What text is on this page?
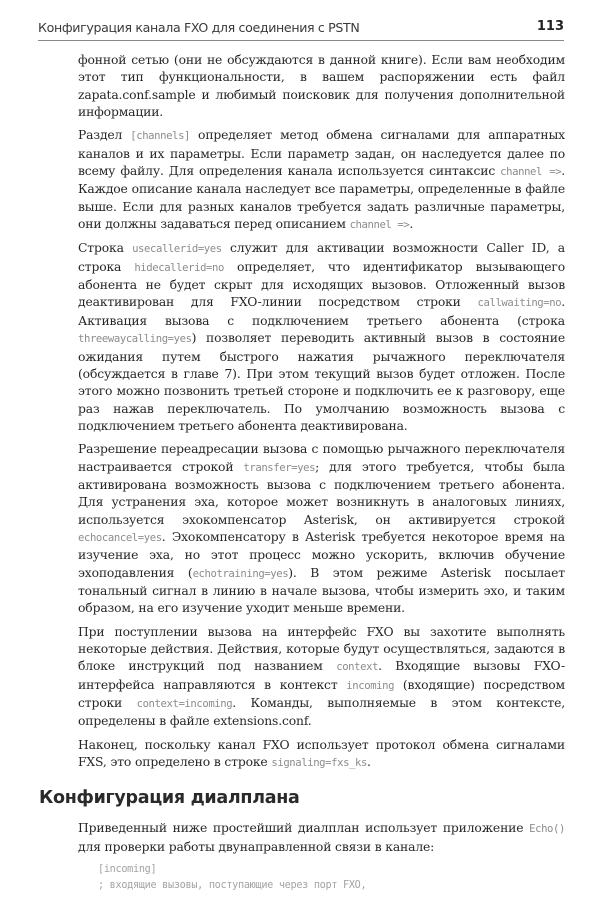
Конфигурация канала FXO для соединения с PSTN	113

фонной сетью (они не обсуждаются в данной книге). Если вам необходим этот тип функциональности, в вашем распоряжении есть файл zapata.conf.sample и любимый поисковик для получения дополнительной информации.

Раздел [channels] определяет метод обмена сигналами для аппаратных каналов и их параметры. Если параметр задан, он наследуется далее по всему файлу. Для определения канала используется синтаксис channel =>. Каждое описание канала наследует все параметры, определенные в файле выше. Если для разных каналов требуется задать различные параметры, они должны задаваться перед описанием channel =>.

Строка usecallerid=yes служит для активации возможности Caller ID, а строка hidecallerid=no определяет, что идентификатор вызывающего абонента не будет скрыт для исходящих вызовов. Отложенный вызов деактивирован для FXO-линии посредством строки callwaiting=no. Активация вызова с подключением третьего абонента (строка threewaycalling=yes) позволяет переводить активный вызов в состояние ожидания путем быстрого нажатия рычажного переключателя (обсуждается в главе 7). При этом текущий вызов будет отложен. После этого можно позвонить третьей стороне и подключить ее к разговору, еще раз нажав переключатель. По умолчанию возможность вызова с подключением третьего абонента деактивирована.

Разрешение переадресации вызова с помощью рычажного переключателя настраивается строкой transfer=yes; для этого требуется, чтобы была активирована возможность вызова с подключением третьего абонента. Для устранения эха, которое может возникнуть в аналоговых линиях, используется эхокомпенсатор Asterisk, он активируется строкой echocancel=yes. Эхокомпенсатору в Asterisk требуется некоторое время на изучение эха, но этот процесс можно ускорить, включив обучение эхоподавления (echotraining=yes). В этом режиме Asterisk посылает тональный сигнал в линию в начале вызова, чтобы измерить эхо, и таким образом, на его изучение уходит меньше времени.

При поступлении вызова на интерфейс FXO вы захотите выполнять некоторые действия. Действия, которые будут осуществляться, задаются в блоке инструкций под названием context. Входящие вызовы FXO-интерфейса направляются в контекст incoming (входящие) посредством строки context=incoming. Команды, выполняемые в этом контексте, определены в файле extensions.conf.

Наконец, поскольку канал FXO использует протокол обмена сигналами FXS, это определено в строке signaling=fxs_ks.

Конфигурация диалплана

Приведенный ниже простейший диалплан использует приложение Echo() для проверки работы двунаправленной связи в канале:

[incoming]
; входящие вызовы, поступающие через порт FXO,
